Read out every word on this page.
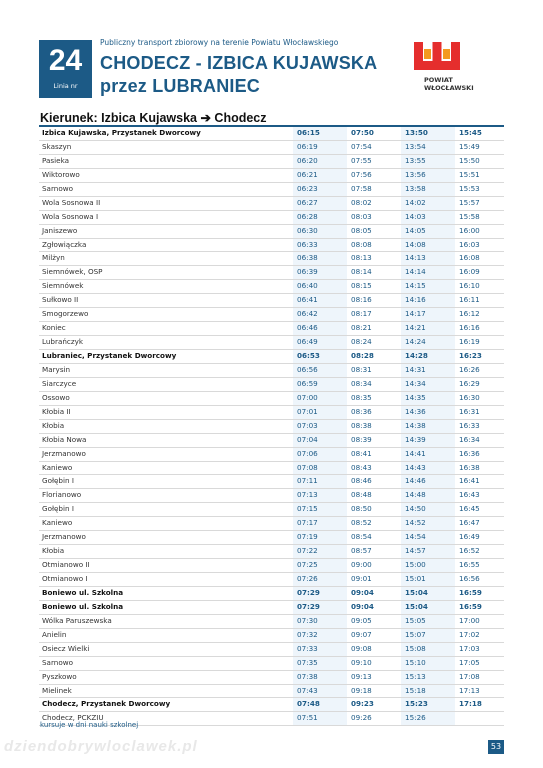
24
Linia nr
Publiczny transport zbiorowy na terenie Powiatu Włocławskiego
CHODECZ - IZBICA KUJAWSKA
przez LUBRANIEC	POWIAT
WŁOCŁAWSKI
Kierunek: Izbica Kujawska ➔ Chodecz
Izbica Kujawska, Przystanek Dworcowy	06:15	07:50	13:50	15:45
Skaszyn	06:19	07:54	13:54	15:49
Pasieka	06:20	07:55	13:55	15:50
Wiktorowo	06:21	07:56	13:56	15:51
Sarnowo	06:23	07:58	13:58	15:53
Wola Sosnowa II	06:27	08:02	14:02	15:57
Wola Sosnowa I	06:28	08:03	14:03	15:58
Janiszewo	06:30	08:05	14:05	16:00
Zgłowiączka	06:33	08:08	14:08	16:03
Milżyn	06:38	08:13	14:13	16:08
Siemnówek, OSP	06:39	08:14	14:14	16:09
Siemnówek	06:40	08:15	14:15	16:10
Sułkowo II	06:41	08:16	14:16	16:11
Smogorzewo	06:42	08:17	14:17	16:12
Koniec	06:46	08:21	14:21	16:16
Lubrańczyk	06:49	08:24	14:24	16:19
Lubraniec, Przystanek Dworcowy	06:53	08:28	14:28	16:23
Marysin	06:56	08:31	14:31	16:26
Siarczyce	06:59	08:34	14:34	16:29
Ossowo	07:00	08:35	14:35	16:30
Kłobia II	07:01	08:36	14:36	16:31
Kłobia	07:03	08:38	14:38	16:33
Kłobia Nowa	07:04	08:39	14:39	16:34
Jerzmanowo	07:06	08:41	14:41	16:36
Kaniewo	07:08	08:43	14:43	16:38
Gołębin I	07:11	08:46	14:46	16:41
Florianowo	07:13	08:48	14:48	16:43
Gołębin I	07:15	08:50	14:50	16:45
Kaniewo	07:17	08:52	14:52	16:47
Jerzmanowo	07:19	08:54	14:54	16:49
Kłobia	07:22	08:57	14:57	16:52
Otmianowo II	07:25	09:00	15:00	16:55
Otmianowo I	07:26	09:01	15:01	16:56
Boniewo ul. Szkolna	07:29	09:04	15:04	16:59
Boniewo ul. Szkolna	07:29	09:04	15:04	16:59
Wólka Paruszewska	07:30	09:05	15:05	17:00
Anielin	07:32	09:07	15:07	17:02
Osiecz Wielki	07:33	09:08	15:08	17:03
Sarnowo	07:35	09:10	15:10	17:05
Pyszkowo	07:38	09:13	15:13	17:08
Mielinek	07:43	09:18	15:18	17:13
Chodecz, Przystanek Dworcowy	07:48	09:23	15:23	17:18
Chodecz, PCKZIU	07:51	09:26	15:26	
kursuje w dni nauki szkolnej
dziendobrywloclawek.pl	53
